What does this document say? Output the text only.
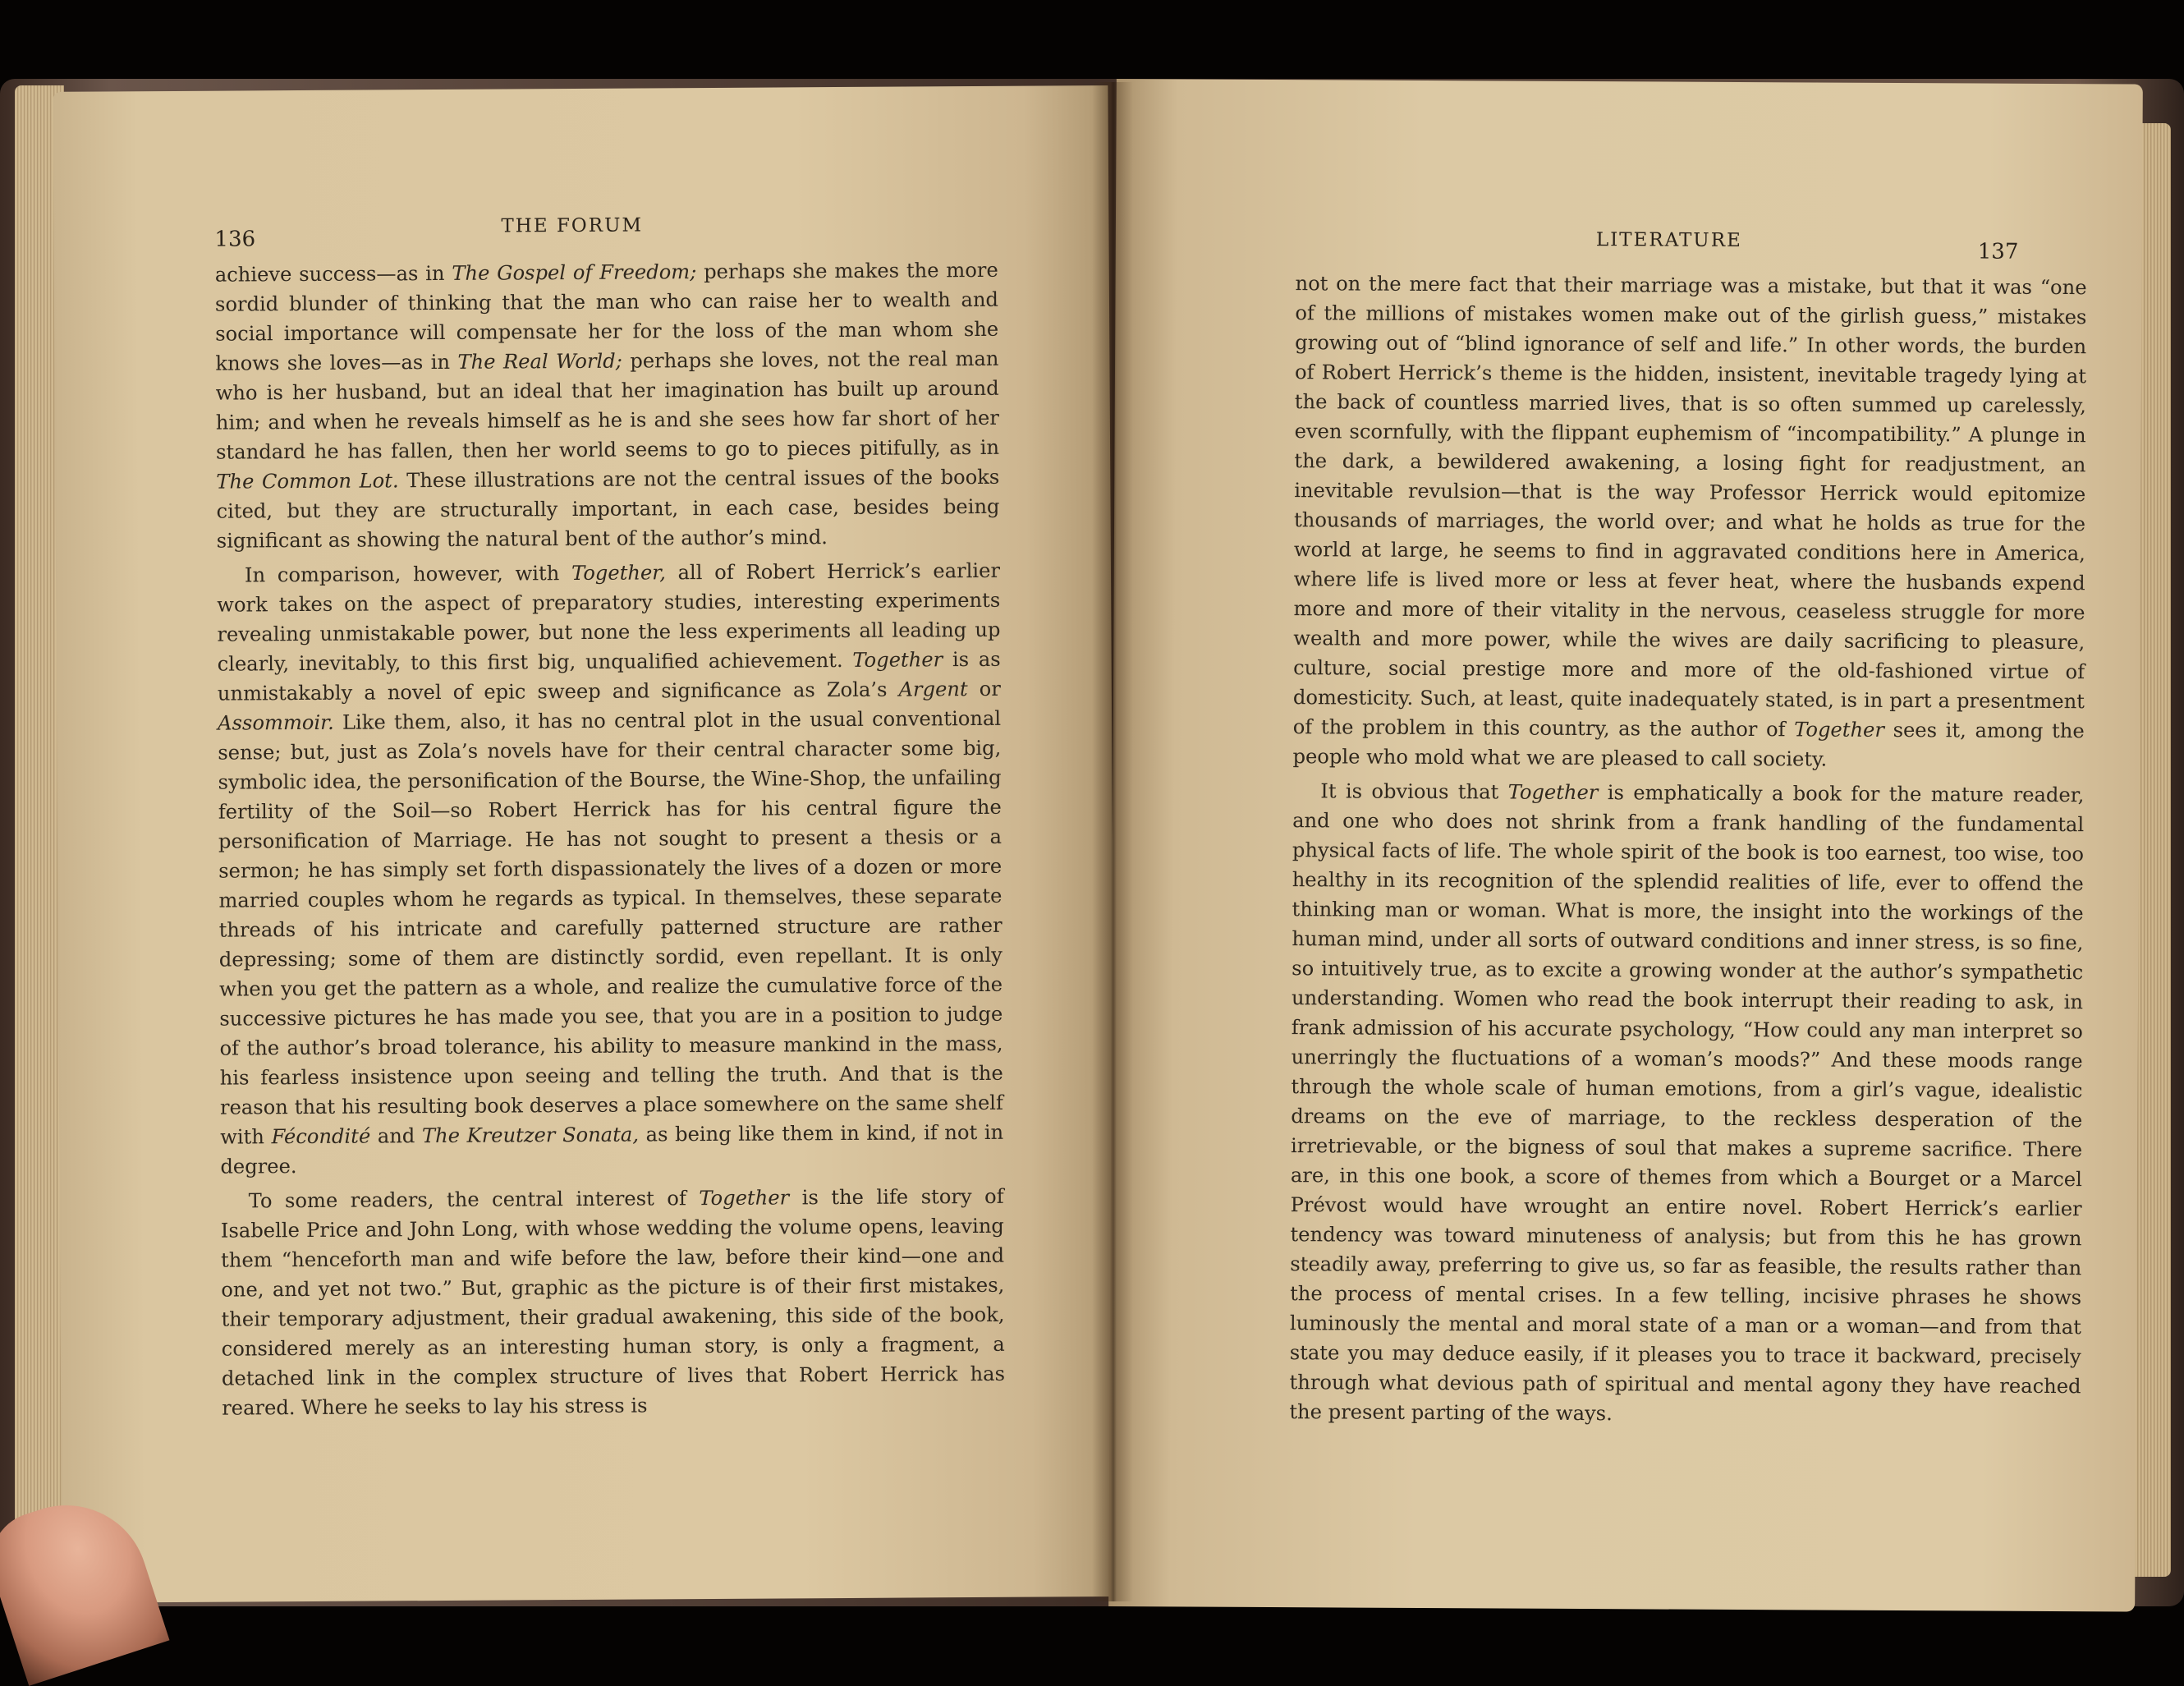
136
THE FORUM

achieve success—as in The Gospel of Freedom; perhaps she makes the more sordid blunder of thinking that the man who can raise her to wealth and social importance will compensate her for the loss of the man whom she knows she loves—as in The Real World; perhaps she loves, not the real man who is her husband, but an ideal that her imagination has built up around him; and when he reveals himself as he is and she sees how far short of her standard he has fallen, then her world seems to go to pieces pitifully, as in The Common Lot. These illustrations are not the central issues of the books cited, but they are structurally important, in each case, besides being significant as showing the natural bent of the author’s mind.

In comparison, however, with Together, all of Robert Herrick’s earlier work takes on the aspect of preparatory studies, interesting experiments revealing unmistakable power, but none the less experiments all leading up clearly, inevitably, to this first big, unqualified achievement. Together is as unmistakably a novel of epic sweep and significance as Zola’s Argent or Assommoir. Like them, also, it has no central plot in the usual conventional sense; but, just as Zola’s novels have for their central character some big, symbolic idea, the personification of the Bourse, the Wine-Shop, the unfailing fertility of the Soil—so Robert Herrick has for his central figure the personification of Marriage. He has not sought to present a thesis or a sermon; he has simply set forth dispassionately the lives of a dozen or more married couples whom he regards as typical. In themselves, these separate threads of his intricate and carefully patterned structure are rather depressing; some of them are distinctly sordid, even repellant. It is only when you get the pattern as a whole, and realize the cumulative force of the successive pictures he has made you see, that you are in a position to judge of the author’s broad tolerance, his ability to measure mankind in the mass, his fearless insistence upon seeing and telling the truth. And that is the reason that his resulting book deserves a place somewhere on the same shelf with Fécondité and The Kreutzer Sonata, as being like them in kind, if not in degree.

To some readers, the central interest of Together is the life story of Isabelle Price and John Long, with whose wedding the volume opens, leaving them “henceforth man and wife before the law, before their kind—one and one, and yet not two.” But, graphic as the picture is of their first mistakes, their temporary adjustment, their gradual awakening, this side of the book, considered merely as an interesting human story, is only a fragment, a detached link in the complex structure of lives that Robert Herrick has reared. Where he seeks to lay his stress is

LITERATURE	137

not on the mere fact that their marriage was a mistake, but that it was “one of the millions of mistakes women make out of the girlish guess,” mistakes growing out of “blind ignorance of self and life.” In other words, the burden of Robert Herrick’s theme is the hidden, insistent, inevitable tragedy lying at the back of countless married lives, that is so often summed up carelessly, even scornfully, with the flippant euphemism of “incompatibility.” A plunge in the dark, a bewildered awakening, a losing fight for readjustment, an inevitable revulsion—that is the way Professor Herrick would epitomize thousands of marriages, the world over; and what he holds as true for the world at large, he seems to find in aggravated conditions here in America, where life is lived more or less at fever heat, where the husbands expend more and more of their vitality in the nervous, ceaseless struggle for more wealth and more power, while the wives are daily sacrificing to pleasure, culture, social prestige more and more of the old-fashioned virtue of domesticity. Such, at least, quite inadequately stated, is in part a presentment of the problem in this country, as the author of Together sees it, among the people who mold what we are pleased to call society.

It is obvious that Together is emphatically a book for the mature reader, and one who does not shrink from a frank handling of the fundamental physical facts of life. The whole spirit of the book is too earnest, too wise, too healthy in its recognition of the splendid realities of life, ever to offend the thinking man or woman. What is more, the insight into the workings of the human mind, under all sorts of outward conditions and inner stress, is so fine, so intuitively true, as to excite a growing wonder at the author’s sympathetic understanding. Women who read the book interrupt their reading to ask, in frank admission of his accurate psychology, “How could any man interpret so unerringly the fluctuations of a woman’s moods?” And these moods range through the whole scale of human emotions, from a girl’s vague, idealistic dreams on the eve of marriage, to the reckless desperation of the irretrievable, or the bigness of soul that makes a supreme sacrifice. There are, in this one book, a score of themes from which a Bourget or a Marcel Prévost would have wrought an entire novel. Robert Herrick’s earlier tendency was toward minuteness of analysis; but from this he has grown steadily away, preferring to give us, so far as feasible, the results rather than the process of mental crises. In a few telling, incisive phrases he shows luminously the mental and moral state of a man or a woman—and from that state you may deduce easily, if it pleases you to trace it backward, precisely through what devious path of spiritual and mental agony they have reached the present parting of the ways.
